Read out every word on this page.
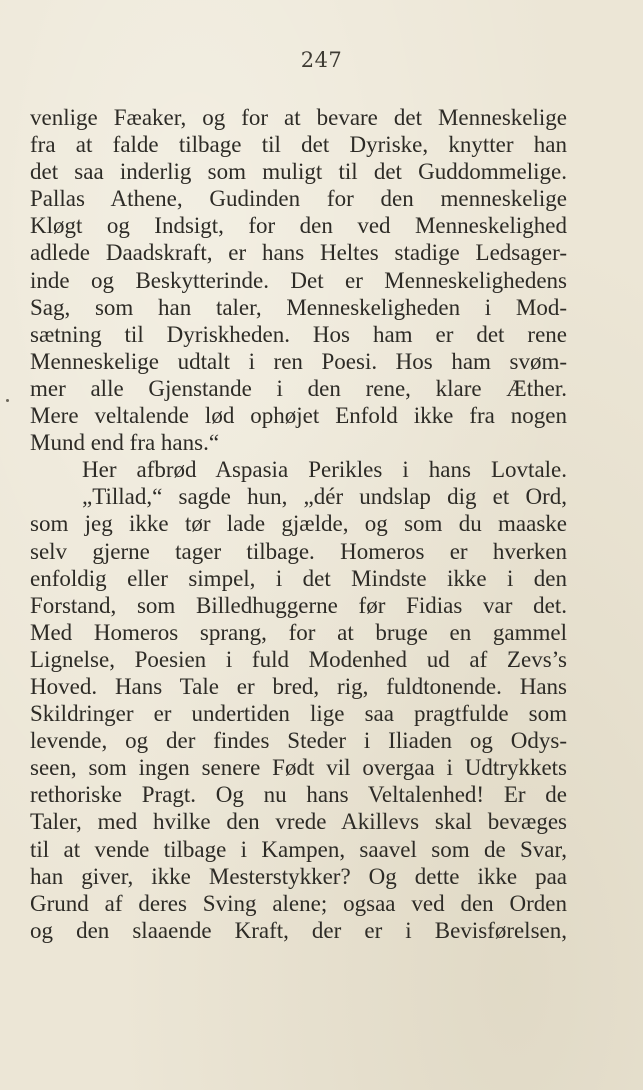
247
venlige Fæaker, og for at bevare det Menneskelige
fra at falde tilbage til det Dyriske, knytter han
det saa inderlig som muligt til det Guddommelige.
Pallas Athene, Gudinden for den menneskelige
Kløgt og Indsigt, for den ved Menneskelighed
adlede Daadskraft, er hans Heltes stadige Ledsager-
inde og Beskytterinde. Det er Menneskelighedens
Sag, som han taler, Menneskeligheden i Mod-
sætning til Dyriskheden. Hos ham er det rene
Menneskelige udtalt i ren Poesi. Hos ham svøm-
mer alle Gjenstande i den rene, klare Æther.
Mere veltalende lød ophøjet Enfold ikke fra nogen
Mund end fra hans.“
Her afbrød Aspasia Perikles i hans Lovtale.
„Tillad,“ sagde hun, „dér undslap dig et Ord,
som jeg ikke tør lade gjælde, og som du maaske
selv gjerne tager tilbage. Homeros er hverken
enfoldig eller simpel, i det Mindste ikke i den
Forstand, som Billedhuggerne før Fidias var det.
Med Homeros sprang, for at bruge en gammel
Lignelse, Poesien i fuld Modenhed ud af Zevs’s
Hoved. Hans Tale er bred, rig, fuldtonende. Hans
Skildringer er undertiden lige saa pragtfulde som
levende, og der findes Steder i Iliaden og Odys-
seen, som ingen senere Født vil overgaa i Udtrykkets
rethoriske Pragt. Og nu hans Veltalenhed! Er de
Taler, med hvilke den vrede Akillevs skal bevæges
til at vende tilbage i Kampen, saavel som de Svar,
han giver, ikke Mesterstykker? Og dette ikke paa
Grund af deres Sving alene; ogsaa ved den Orden
og den slaaende Kraft, der er i Bevisførelsen,
